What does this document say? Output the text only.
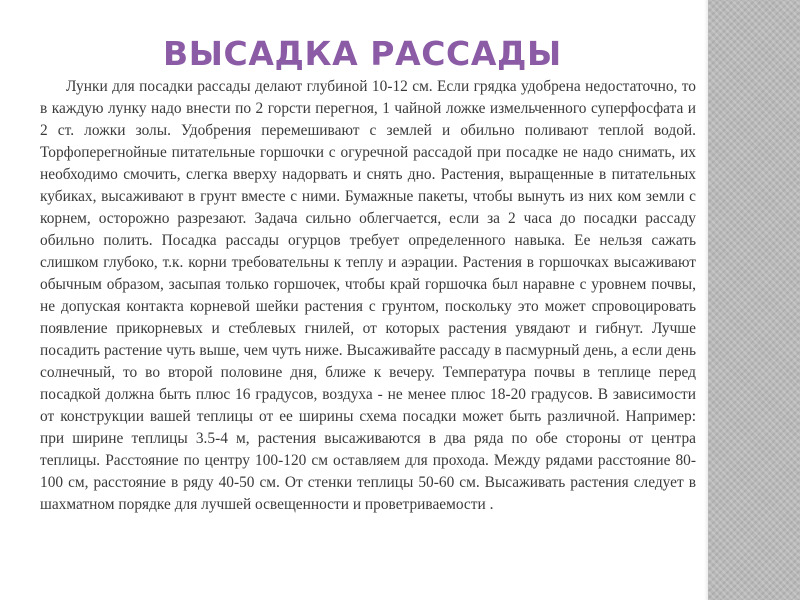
ВЫСАДКА РАССАДЫ

Лунки для посадки рассады делают глубиной 10-12 см. Если грядка удобрена недостаточно, то в каждую лунку надо внести по 2 горсти перегноя, 1 чайной ложке измельченного суперфосфата и 2 ст. ложки золы. Удобрения перемешивают с землей и обильно поливают теплой водой. Торфоперегнойные питательные горшочки с огуречной рассадой при посадке не надо снимать, их необходимо смочить, слегка вверху надорвать и снять дно. Растения, выращенные в питательных кубиках, высаживают в грунт вместе с ними. Бумажные пакеты, чтобы вынуть из них ком земли с корнем, осторожно разрезают. Задача сильно облегчается, если за 2 часа до посадки рассаду обильно полить. Посадка рассады огурцов требует определенного навыка. Ее нельзя сажать слишком глубоко, т.к. корни требовательны к теплу и аэрации. Растения в горшочках высаживают обычным образом, засыпая только горшочек, чтобы край горшочка был наравне с уровнем почвы, не допуская контакта корневой шейки растения с грунтом, поскольку это может спровоцировать появление прикорневых и стеблевых гнилей, от которых растения увядают и гибнут. Лучше посадить растение чуть выше, чем чуть ниже. Высаживайте рассаду в пасмурный день, а если день солнечный, то во второй половине дня, ближе к вечеру. Температура почвы в теплице перед посадкой должна быть плюс 16 градусов, воздуха - не менее плюс 18-20 градусов. В зависимости от конструкции вашей теплицы от ее ширины схема посадки может быть различной. Например: при ширине теплицы 3.5-4 м, растения высаживаются в два ряда по обе стороны от центра теплицы. Расстояние по центру 100-120 см оставляем для прохода. Между рядами расстояние 80-100 см, расстояние в ряду 40-50 см. От стенки теплицы 50-60 см. Высаживать растения следует в шахматном порядке для лучшей освещенности и проветриваемости .
